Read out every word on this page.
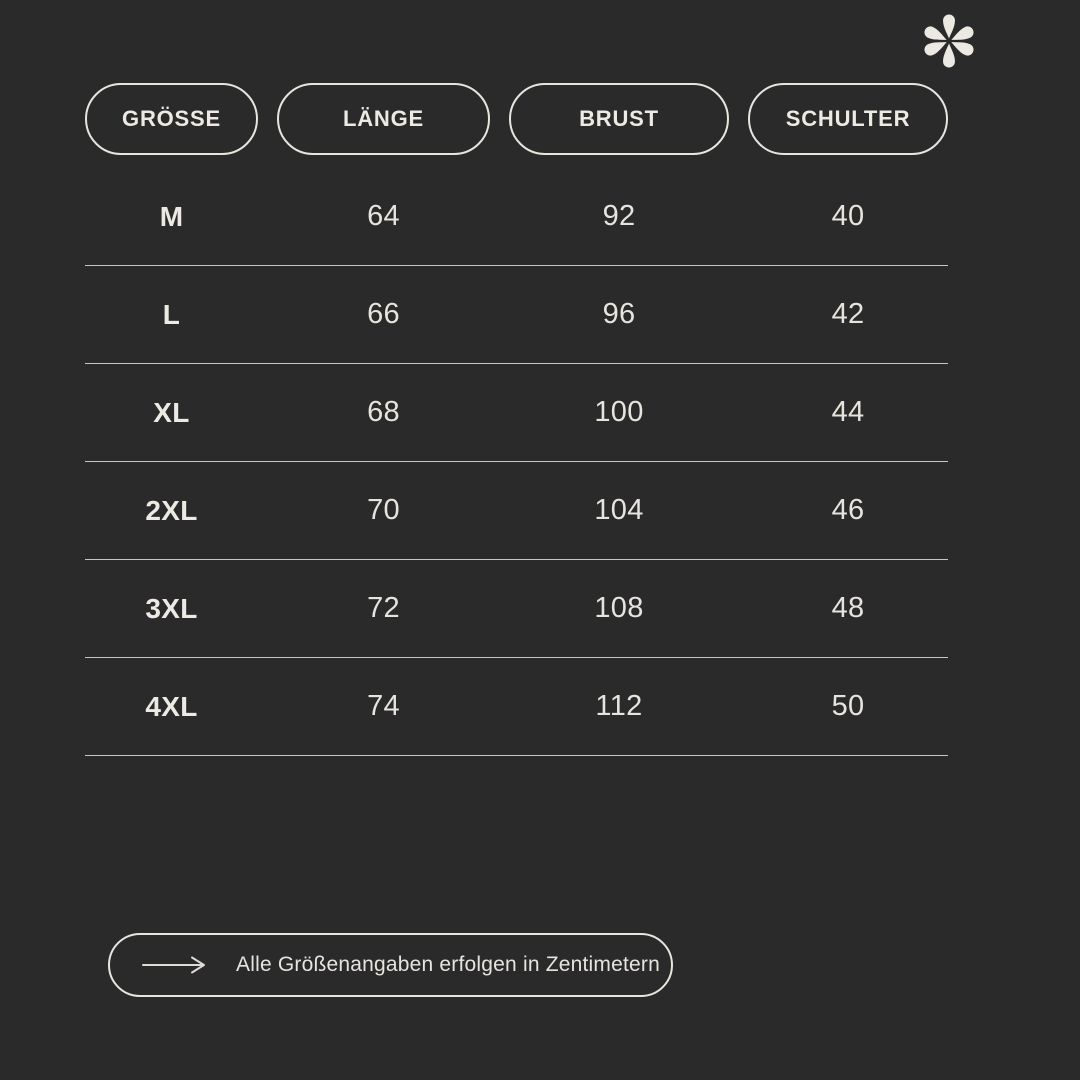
GRÖSSE	LÄNGE	BRUST	SCHULTER
M	64	92	40
L	66	96	42
XL	68	100	44
2XL	70	104	46
3XL	72	108	48
4XL	74	112	50
Alle Größenangaben erfolgen in Zentimetern
